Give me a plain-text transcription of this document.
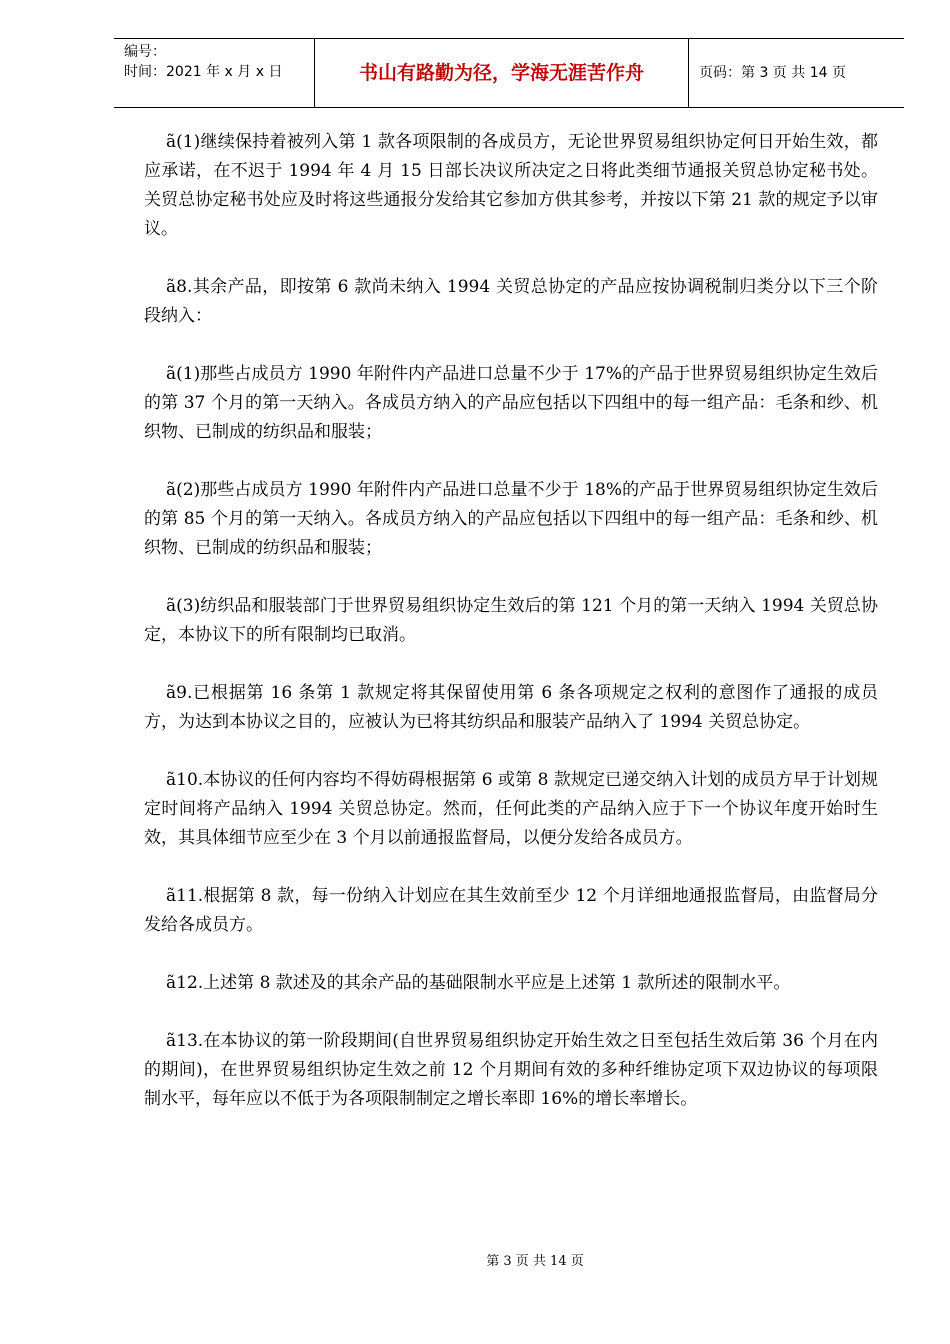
编号：
时间：2021 年 x 月 x 日	书山有路勤为径，学海无涯苦作舟	页码：第 3 页 共 14 页

ã(1)继续保持着被列入第 1 款各项限制的各成员方，无论世界贸易组织协定何日开始生效，都应承诺，在不迟于 1994 年 4 月 15 日部长决议所决定之日将此类细节通报关贸总协定秘书处。关贸总协定秘书处应及时将这些通报分发给其它参加方供其参考，并按以下第 21 款的规定予以审议。

ã8.其余产品，即按第 6 款尚未纳入 1994 关贸总协定的产品应按协调税制归类分以下三个阶段纳入：

ã(1)那些占成员方 1990 年附件内产品进口总量不少于 17%的产品于世界贸易组织协定生效后的第 37 个月的第一天纳入。各成员方纳入的产品应包括以下四组中的每一组产品：毛条和纱、机织物、已制成的纺织品和服装；

ã(2)那些占成员方 1990 年附件内产品进口总量不少于 18%的产品于世界贸易组织协定生效后的第 85 个月的第一天纳入。各成员方纳入的产品应包括以下四组中的每一组产品：毛条和纱、机织物、已制成的纺织品和服装；

ã(3)纺织品和服装部门于世界贸易组织协定生效后的第 121 个月的第一天纳入 1994 关贸总协定，本协议下的所有限制均已取消。

ã9.已根据第 16 条第 1 款规定将其保留使用第 6 条各项规定之权利的意图作了通报的成员方，为达到本协议之目的，应被认为已将其纺织品和服装产品纳入了 1994 关贸总协定。

ã10.本协议的任何内容均不得妨碍根据第 6 或第 8 款规定已递交纳入计划的成员方早于计划规定时间将产品纳入 1994 关贸总协定。然而，任何此类的产品纳入应于下一个协议年度开始时生效，其具体细节应至少在 3 个月以前通报监督局，以便分发给各成员方。

ã11.根据第 8 款，每一份纳入计划应在其生效前至少 12 个月详细地通报监督局，由监督局分发给各成员方。

ã12.上述第 8 款述及的其余产品的基础限制水平应是上述第 1 款所述的限制水平。

ã13.在本协议的第一阶段期间(自世界贸易组织协定开始生效之日至包括生效后第 36 个月在内的期间)，在世界贸易组织协定生效之前 12 个月期间有效的多种纤维协定项下双边协议的每项限制水平，每年应以不低于为各项限制制定之增长率即 16%的增长率增长。

第 3 页 共 14 页
